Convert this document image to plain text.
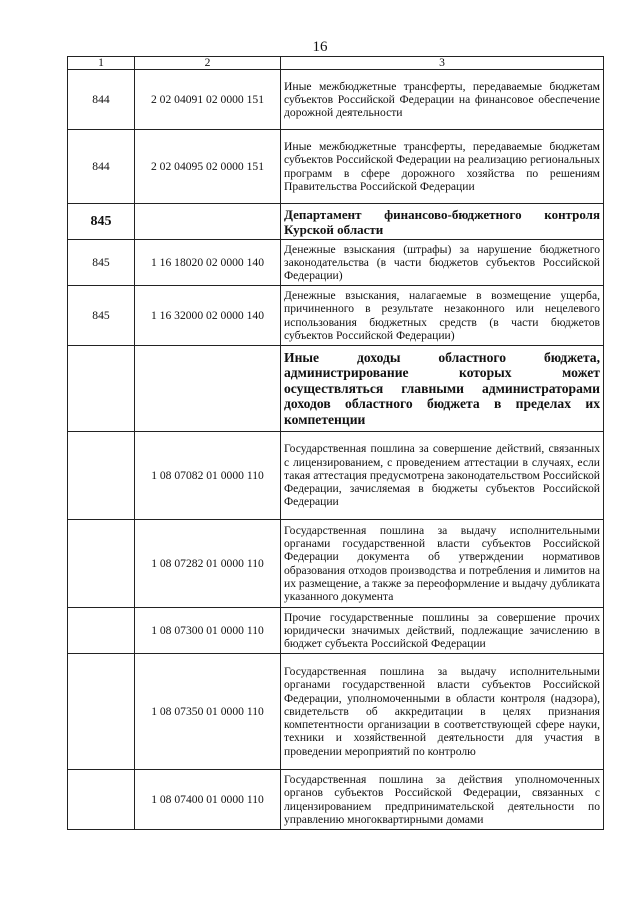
16
1	2	3
844	2 02 04091 02 0000 151	Иные межбюджетные трансферты, передаваемые бюджетам субъектов Российской Федерации на финансовое обеспечение дорожной деятельности
844	2 02 04095 02 0000 151	Иные межбюджетные трансферты, передаваемые бюджетам субъектов Российской Федерации на реализацию региональных программ в сфере дорожного хозяйства по решениям Правительства Российской Федерации
845		Департамент финансово-бюджетного контроля Курской области
845	1 16 18020 02 0000 140	Денежные взыскания (штрафы) за нарушение бюджетного законодательства (в части бюджетов субъектов Российской Федерации)
845	1 16 32000 02 0000 140	Денежные взыскания, налагаемые в возмещение ущерба, причиненного в результате незаконного или нецелевого использования бюджетных средств (в части бюджетов субъектов Российской Федерации)
		Иные доходы областного бюджета, администрирование которых может осуществляться главными администраторами доходов областного бюджета в пределах их компетенции
	1 08 07082 01 0000 110	Государственная пошлина за совершение действий, связанных с лицензированием, с проведением аттестации в случаях, если такая аттестация предусмотрена законодательством Российской Федерации, зачисляемая в бюджеты субъектов Российской Федерации
	1 08 07282 01 0000 110	Государственная пошлина за выдачу исполнительными органами государственной власти субъектов Российской Федерации документа об утверждении нормативов образования отходов производства и потребления и лимитов на их размещение, а также за переоформление и выдачу дубликата указанного документа
	1 08 07300 01 0000 110	Прочие государственные пошлины за совершение прочих юридически значимых действий, подлежащие зачислению в бюджет субъекта Российской Федерации
	1 08 07350 01 0000 110	Государственная пошлина за выдачу исполнительными органами государственной власти субъектов Российской Федерации, уполномоченными в области контроля (надзора), свидетельств об аккредитации в целях признания компетентности организации в соответствующей сфере науки, техники и хозяйственной деятельности для участия в проведении мероприятий по контролю
	1 08 07400 01 0000 110	Государственная пошлина за действия уполномоченных органов субъектов Российской Федерации, связанных с лицензированием предпринимательской деятельности по управлению многоквартирными домами
